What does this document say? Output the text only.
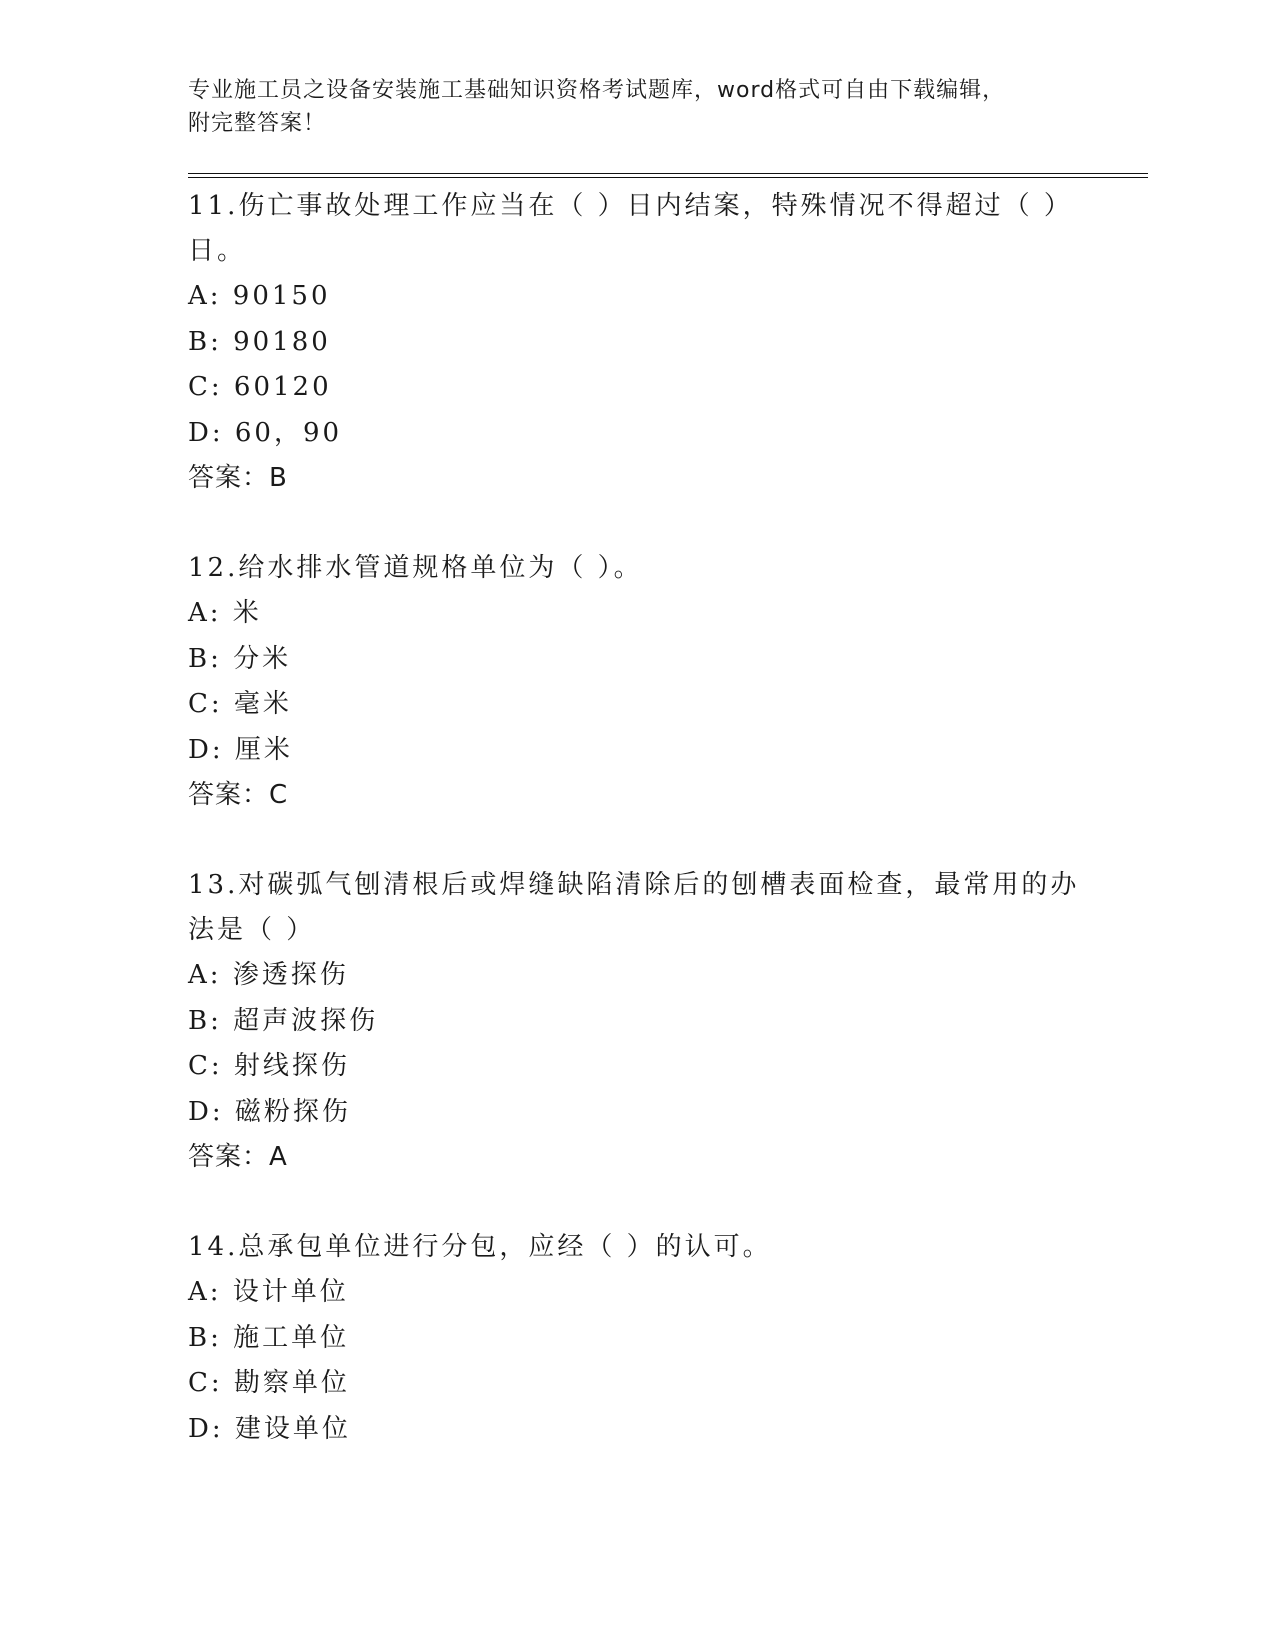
专业施工员之设备安装施工基础知识资格考试题库，word格式可自由下载编辑，

附完整答案！

11.伤亡事故处理工作应当在（ ）日内结案，特殊情况不得超过（ ）

日。

A: 90150

B: 90180

C: 60120

D: 60，90

答案：B

12.给水排水管道规格单位为（ ）。

A: 米

B: 分米

C: 毫米

D: 厘米

答案：C

13.对碳弧气刨清根后或焊缝缺陷清除后的刨槽表面检查，最常用的办

法是（ ）

A: 渗透探伤

B: 超声波探伤

C: 射线探伤

D: 磁粉探伤

答案：A

14.总承包单位进行分包，应经（ ）的认可。

A: 设计单位

B: 施工单位

C: 勘察单位

D: 建设单位
